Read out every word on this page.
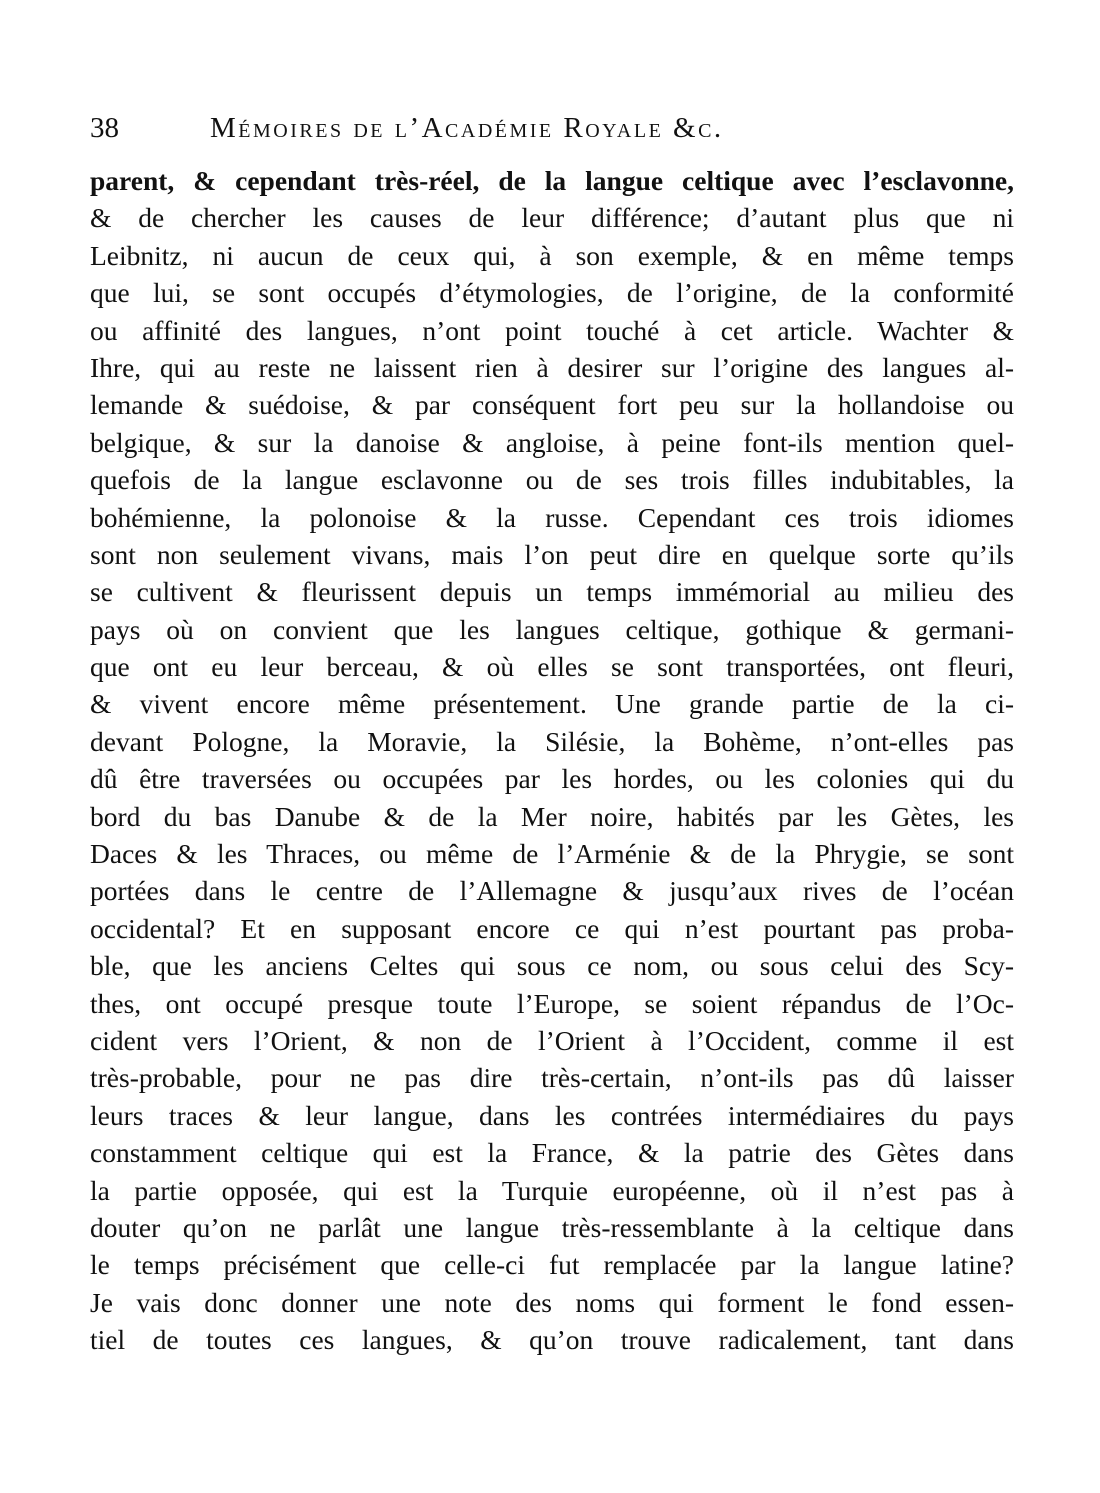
38	Mémoires de l’Académie Royale &c.
parent, & cependant très-réel, de la langue celtique avec l’esclavonne,
& de chercher les causes de leur différence; d’autant plus que ni
Leibnitz, ni aucun de ceux qui, à son exemple, & en même temps
que lui, se sont occupés d’étymologies, de l’origine, de la conformité
ou affinité des langues, n’ont point touché à cet article. Wachter &
Ihre, qui au reste ne laissent rien à desirer sur l’origine des langues al-
lemande & suédoise, & par conséquent fort peu sur la hollandoise ou
belgique, & sur la danoise & angloise, à peine font-ils mention quel-
quefois de la langue esclavonne ou de ses trois filles indubitables, la
bohémienne, la polonoise & la russe. Cependant ces trois idiomes
sont non seulement vivans, mais l’on peut dire en quelque sorte qu’ils
se cultivent & fleurissent depuis un temps immémorial au milieu des
pays où on convient que les langues celtique, gothique & germani-
que ont eu leur berceau, & où elles se sont transportées, ont fleuri,
& vivent encore même présentement. Une grande partie de la ci-
devant Pologne, la Moravie, la Silésie, la Bohème, n’ont-elles pas
dû être traversées ou occupées par les hordes, ou les colonies qui du
bord du bas Danube & de la Mer noire, habités par les Gètes, les
Daces & les Thraces, ou même de l’Arménie & de la Phrygie, se sont
portées dans le centre de l’Allemagne & jusqu’aux rives de l’océan
occidental? Et en supposant encore ce qui n’est pourtant pas proba-
ble, que les anciens Celtes qui sous ce nom, ou sous celui des Scy-
thes, ont occupé presque toute l’Europe, se soient répandus de l’Oc-
cident vers l’Orient, & non de l’Orient à l’Occident, comme il est
très-probable, pour ne pas dire très-certain, n’ont-ils pas dû laisser
leurs traces & leur langue, dans les contrées intermédiaires du pays
constamment celtique qui est la France, & la patrie des Gètes dans
la partie opposée, qui est la Turquie européenne, où il n’est pas à
douter qu’on ne parlât une langue très-ressemblante à la celtique dans
le temps précisément que celle-ci fut remplacée par la langue latine?
Je vais donc donner une note des noms qui forment le fond essen-
tiel de toutes ces langues, & qu’on trouve radicalement, tant dans
